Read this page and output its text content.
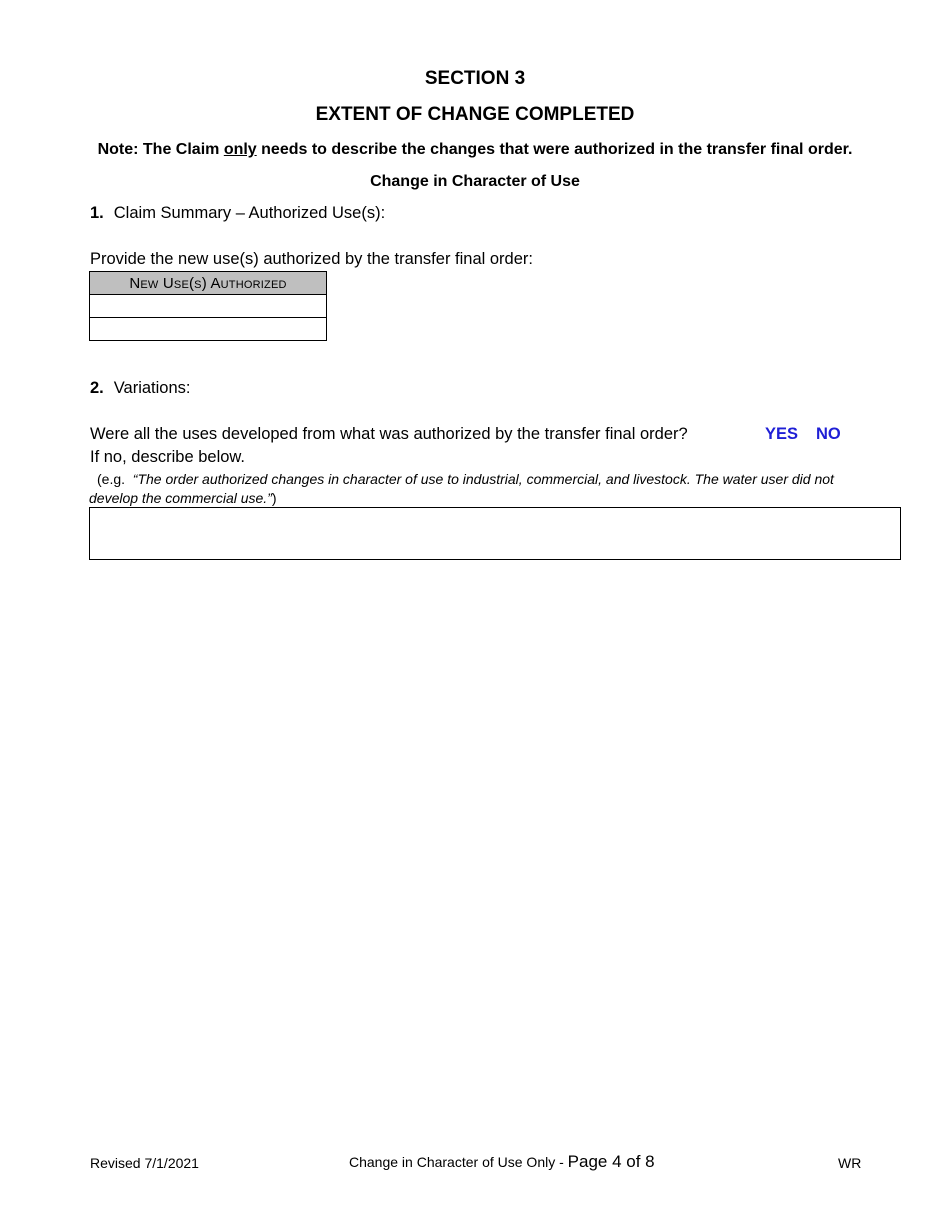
SECTION 3
EXTENT OF CHANGE COMPLETED
Note: The Claim only needs to describe the changes that were authorized in the transfer final order.
Change in Character of Use
1. Claim Summary – Authorized Use(s):
Provide the new use(s) authorized by the transfer final order:
New Use(s) Authorized

2. Variations:
Were all the uses developed from what was authorized by the transfer final order?	YES NO
If no, describe below.
(e.g. “The order authorized changes in character of use to industrial, commercial, and livestock. The water user did not develop the commercial use.”)
Revised 7/1/2021	Change in Character of Use Only - Page 4 of 8	WR
